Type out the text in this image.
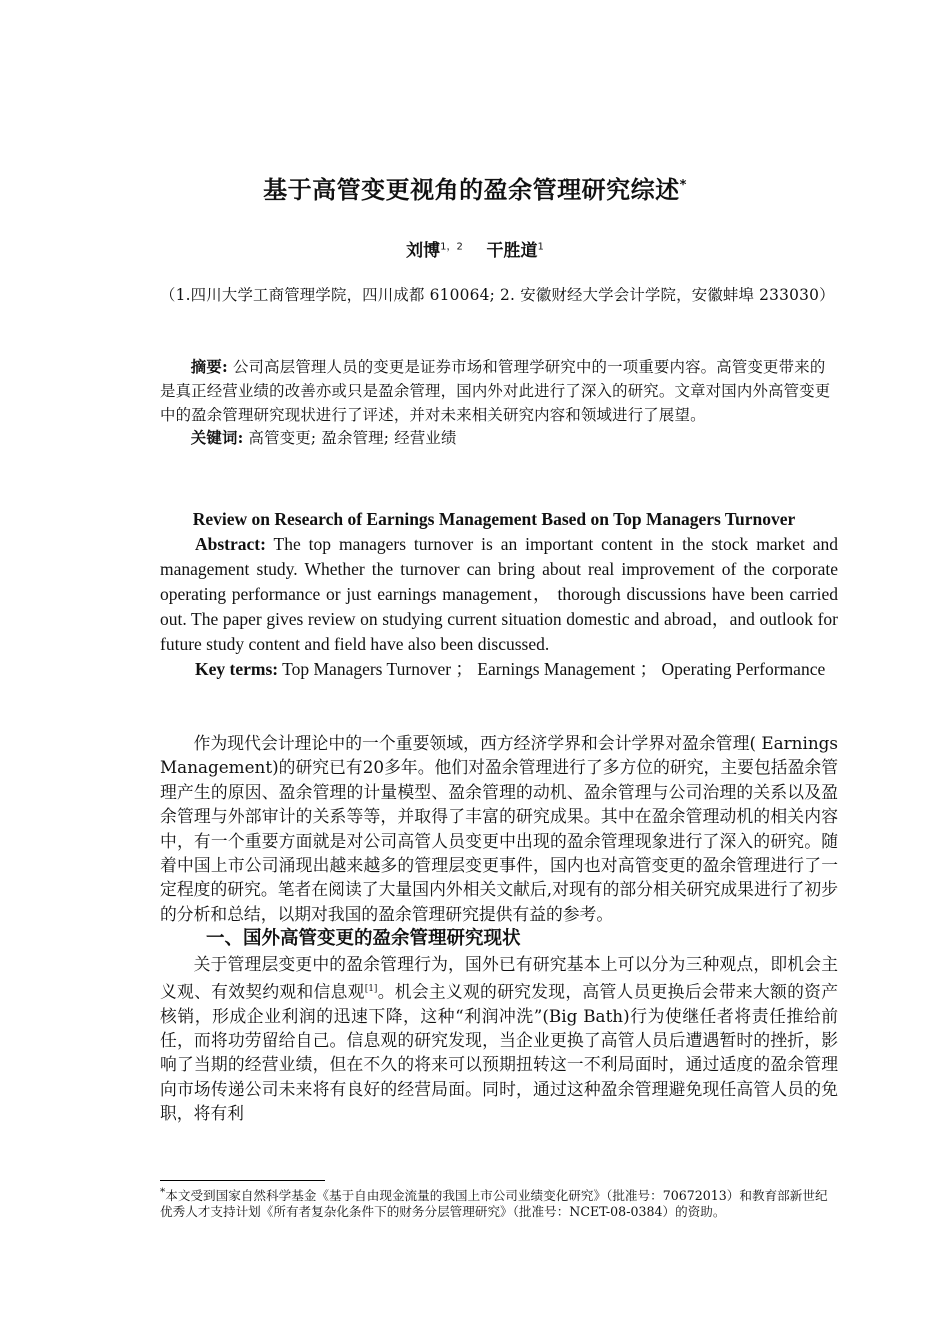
基于高管变更视角的盈余管理研究综述*
刘博$^{1,2}$ 干胜道$^1$

（1.四川大学工商管理学院，四川成都 610064; 2. 安徽财经大学会计学院，安徽蚌埠 233030）

摘要: 公司高层管理人员的变更是证券市场和管理学研究中的一项重要内容。高管变更带来的是真正经营业绩的改善亦或只是盈余管理，国内外对此进行了深入的研究。文章对国内外高管变更中的盈余管理研究现状进行了评述，并对未来相关研究内容和领域进行了展望。

关键词: 高管变更; 盈余管理; 经营业绩

Review on Research of Earnings Management Based on Top Managers Turnover

Abstract: The top managers turnover is an important content in the stock market and management study. Whether the turnover can bring about real improvement of the corporate operating performance or just earnings management， thorough discussions have been carried out. The paper gives review on studying current situation domestic and abroad，and outlook for future study content and field have also been discussed.

Key terms: Top Managers Turnover ； Earnings Management ； Operating Performance

作为现代会计理论中的一个重要领域，西方经济学界和会计学界对盈余管理( Earnings Management)的研究已有20多年。他们对盈余管理进行了多方位的研究，主要包括盈余管理产生的原因、盈余管理的计量模型、盈余管理的动机、盈余管理与公司治理的关系以及盈余管理与外部审计的关系等等，并取得了丰富的研究成果。其中在盈余管理动机的相关内容中，有一个重要方面就是对公司高管人员变更中出现的盈余管理现象进行了深入的研究。随着中国上市公司涌现出越来越多的管理层变更事件，国内也对高管变更的盈余管理进行了一定程度的研究。笔者在阅读了大量国内外相关文献后,对现有的部分相关研究成果进行了初步的分析和总结，以期对我国的盈余管理研究提供有益的参考。

一、国外高管变更的盈余管理研究现状

关于管理层变更中的盈余管理行为，国外已有研究基本上可以分为三种观点，即机会主义观、有效契约观和信息观[1]。机会主义观的研究发现，高管人员更换后会带来大额的资产核销，形成企业利润的迅速下降，这种“利润冲洗”(Big Bath)行为使继任者将责任推给前任，而将功劳留给自己。信息观的研究发现，当企业更换了高管人员后遭遇暂时的挫折，影响了当期的经营业绩，但在不久的将来可以预期扭转这一不利局面时，通过适度的盈余管理向市场传递公司未来将有良好的经营局面。同时，通过这种盈余管理避免现任高管人员的免职，将有利

*本文受到国家自然科学基金《基于自由现金流量的我国上市公司业绩变化研究》（批准号：70672013）和教育部新世纪优秀人才支持计划《所有者复杂化条件下的财务分层管理研究》（批准号：NCET-08-0384）的资助。
